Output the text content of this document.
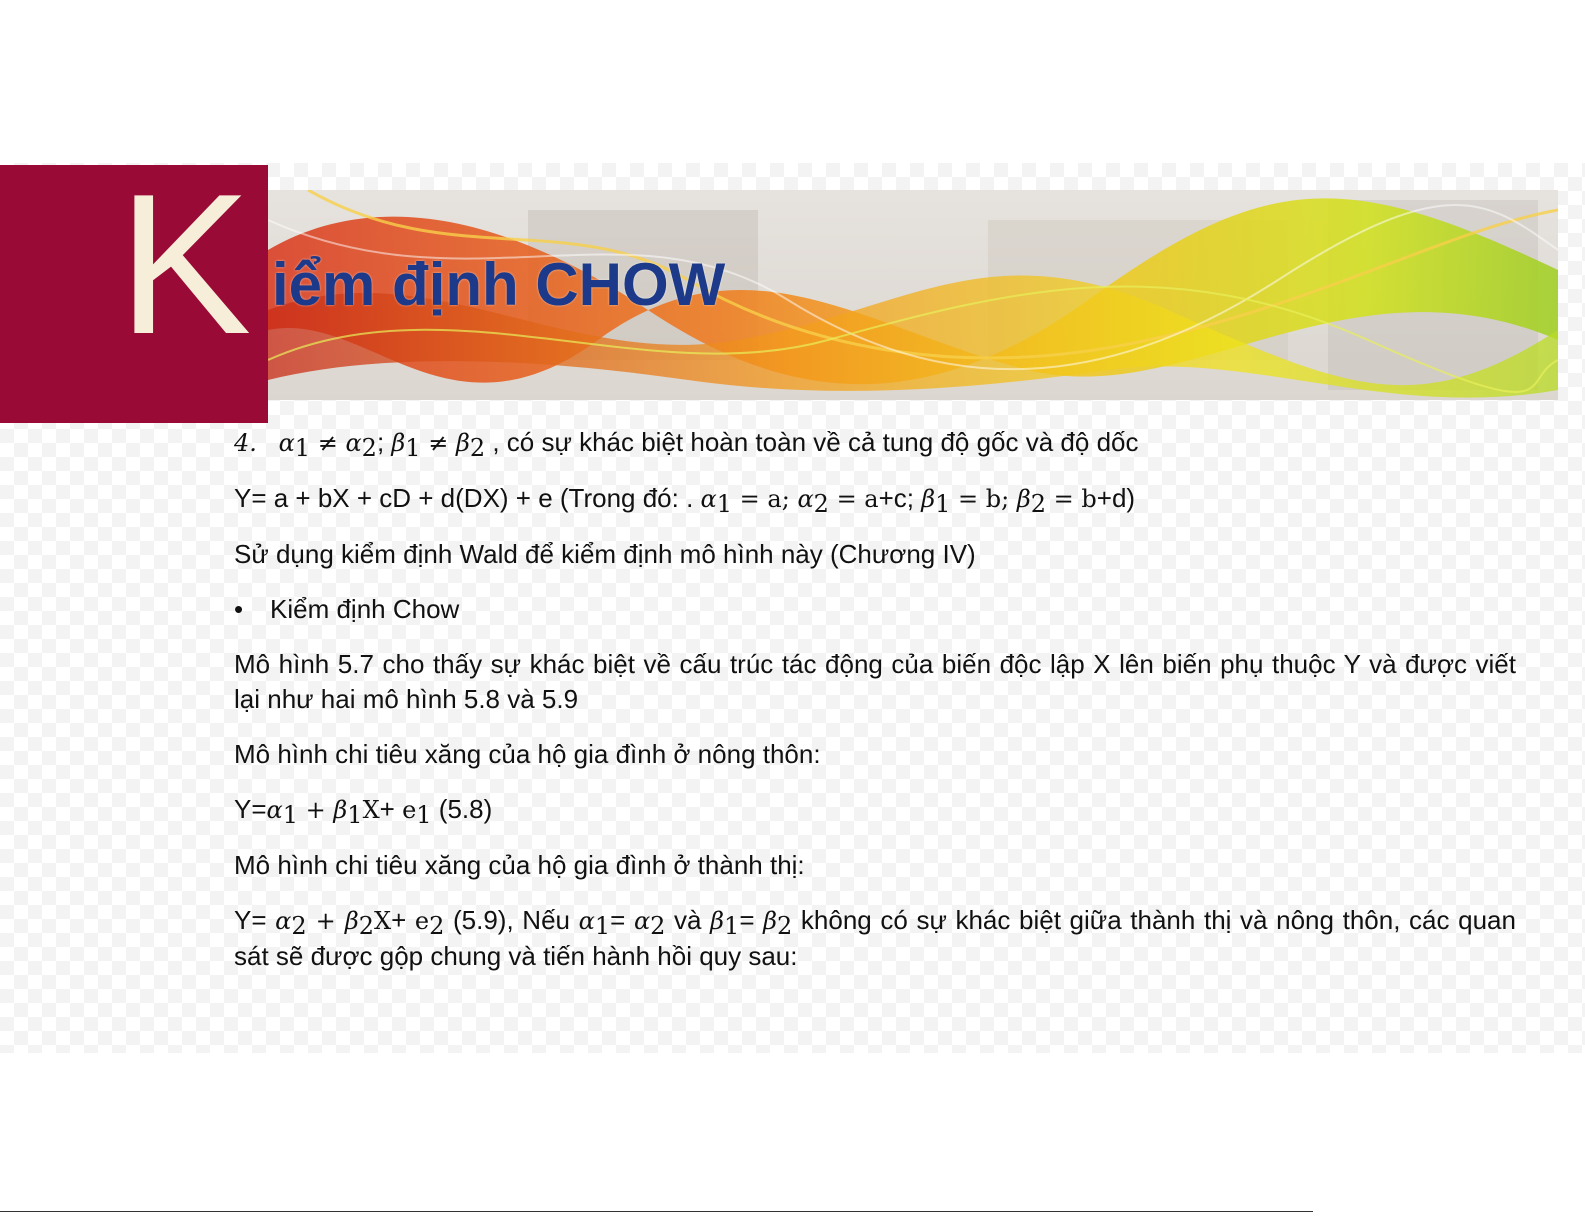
K iểm định CHOW

4. $\alpha_1 \ne \alpha_2$; $\beta_1 \ne \beta_2$ , có sự khác biệt hoàn toàn về cả tung độ gốc và độ dốc

Y= a + bX + cD + d(DX) + e (Trong đó: . $\alpha_1 = a$; $\alpha_2 = a+c$; $\beta_1 = b$; $\beta_2 = b+d$)

Sử dụng kiểm định Wald để kiểm định mô hình này (Chương IV)

•	Kiểm định Chow

Mô hình 5.7 cho thấy sự khác biệt về cấu trúc tác động của biến độc lập X lên biến phụ thuộc Y và được viết lại như hai mô hình 5.8 và 5.9

Mô hình chi tiêu xăng của hộ gia đình ở nông thôn:

$Y=\alpha_1 + \beta_1X+ e_1$ (5.8)

Mô hình chi tiêu xăng của hộ gia đình ở thành thị:

$Y= \alpha_2 + \beta_2X+ e_2$ (5.9), Nếu $\alpha_1= \alpha_2$ và $\beta_1= \beta_2$ không có sự khác biệt giữa thành thị và nông thôn, các quan sát sẽ được gộp chung và tiến hành hồi quy sau:
